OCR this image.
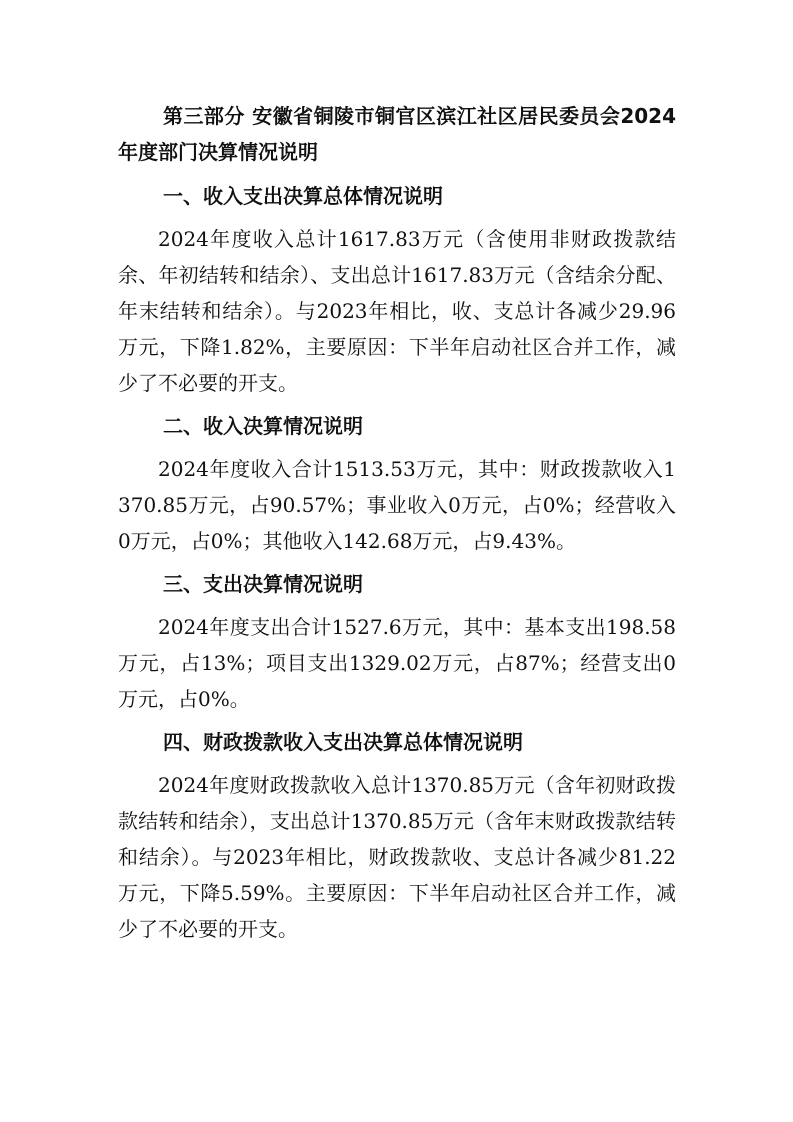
第三部分 安徽省铜陵市铜官区滨江社区居民委员会2024年度部门决算情况说明

一、收入支出决算总体情况说明

2024年度收入总计1617.83万元（含使用非财政拨款结余、年初结转和结余）、支出总计1617.83万元（含结余分配、年末结转和结余）。与2023年相比，收、支总计各减少29.96万元，下降1.82%，主要原因：下半年启动社区合并工作，减少了不必要的开支。

二、收入决算情况说明

2024年度收入合计1513.53万元，其中：财政拨款收入1370.85万元，占90.57%；事业收入0万元，占0%；经营收入0万元，占0%；其他收入142.68万元，占9.43%。

三、支出决算情况说明

2024年度支出合计1527.6万元，其中：基本支出198.58万元，占13%；项目支出1329.02万元，占87%；经营支出0万元，占0%。

四、财政拨款收入支出决算总体情况说明

2024年度财政拨款收入总计1370.85万元（含年初财政拨款结转和结余），支出总计1370.85万元（含年末财政拨款结转和结余）。与2023年相比，财政拨款收、支总计各减少81.22万元，下降5.59%。主要原因：下半年启动社区合并工作，减少了不必要的开支。
